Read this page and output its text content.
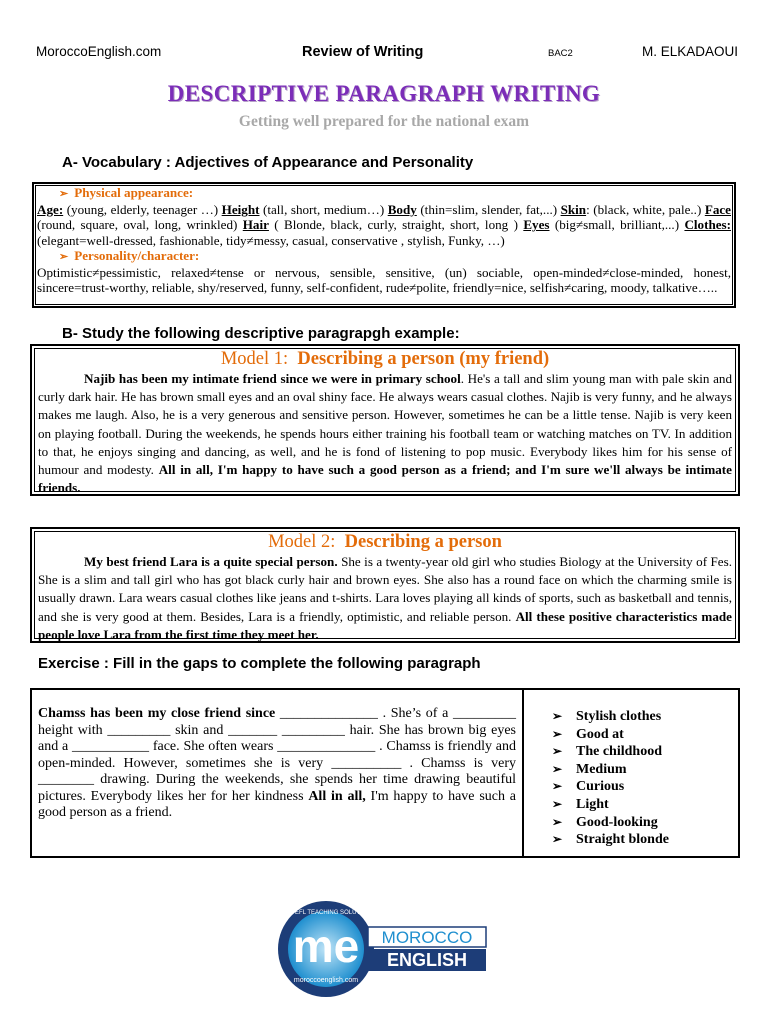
MoroccoEnglish.com	Review of Writing	BAC2	M. ELKADAOUI
DESCRIPTIVE PARAGRAPH WRITING
Getting well prepared for the national exam
A- Vocabulary : Adjectives of Appearance and Personality
➢ Physical appearance:
Age: (young, elderly, teenager …) Height (tall, short, medium…) Body (thin=slim, slender, fat,...) Skin: (black, white, pale..) Face (round, square, oval, long, wrinkled) Hair ( Blonde, black, curly, straight, short, long ) Eyes (big≠small, brilliant,...) Clothes: (elegant=well-dressed, fashionable, tidy≠messy, casual, conservative , stylish, Funky, …)
➢ Personality/character:
Optimistic≠pessimistic, relaxed≠tense or nervous, sensible, sensitive, (un) sociable, open-minded≠close-minded, honest, sincere=trust-worthy, reliable, shy/reserved, funny, self-confident, rude≠polite, friendly=nice, selfish≠caring, moody, talkative…..
B- Study the following descriptive paragrapgh example:
Model 1: Describing a person (my friend)
Najib has been my intimate friend since we were in primary school. He's a tall and slim young man with pale skin and curly dark hair. He has brown small eyes and an oval shiny face. He always wears casual clothes. Najib is very funny, and he always makes me laugh. Also, he is a very generous and sensitive person. However, sometimes he can be a little tense. Najib is very keen on playing football. During the weekends, he spends hours either training his football team or watching matches on TV. In addition to that, he enjoys singing and dancing, as well, and he is fond of listening to pop music. Everybody likes him for his sense of humour and modesty. All in all, I'm happy to have such a good person as a friend; and I'm sure we'll always be intimate friends.
Model 2: Describing a person
My best friend Lara is a quite special person. She is a twenty-year old girl who studies Biology at the University of Fes. She is a slim and tall girl who has got black curly hair and brown eyes. She also has a round face on which the charming smile is usually drawn. Lara wears casual clothes like jeans and t-shirts. Lara loves playing all kinds of sports, such as basketball and tennis, and she is very good at them. Besides, Lara is a friendly, optimistic, and reliable person. All these positive characteristics made people love Lara from the first time they meet her.
Exercise : Fill in the gaps to complete the following paragraph
Chamss has been my close friend since ______________ . She’s of a _________ height with _________ skin and _______ _________ hair. She has brown big eyes and a ___________ face. She often wears ______________ . Chamss is friendly and open-minded. However, sometimes she is very __________ . Chamss is very ________ drawing. During the weekends, she spends her time drawing beautiful pictures. Everybody likes her for her kindness All in all, I'm happy to have such a good person as a friend.
➢ Stylish clothes
➢ Good at
➢ The childhood
➢ Medium
➢ Curious
➢ Light
➢ Good-looking
➢ Straight blonde
me
moroccoenglish.com
ELT & EFL TEACHING SOLUTIONS
MOROCCO
ENGLISH
